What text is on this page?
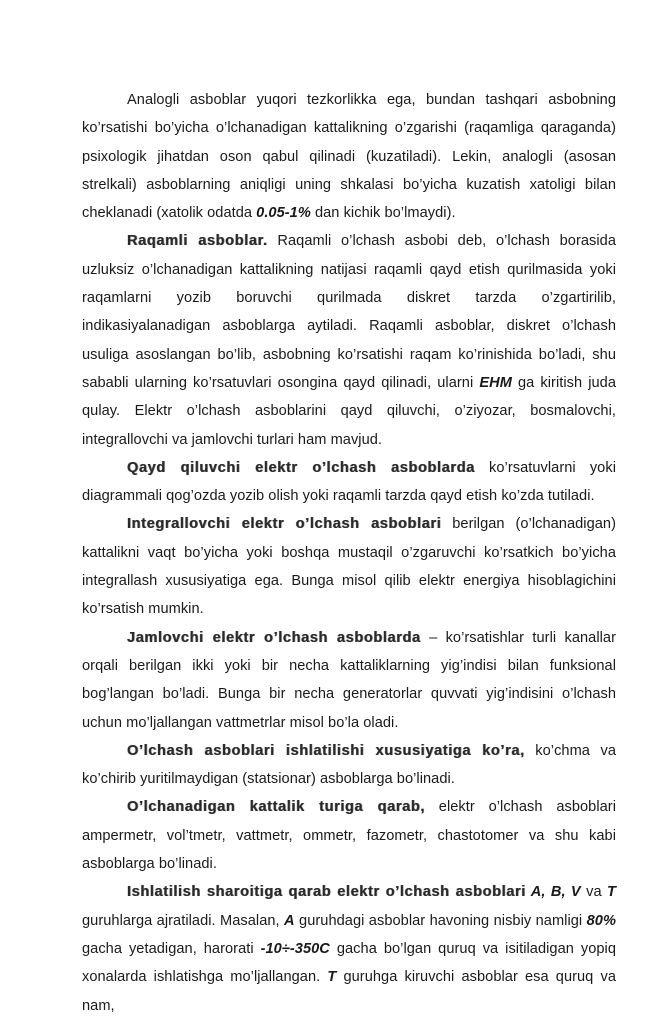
Analogli asboblar yuqori tezkorlikka ega, bundan tashqari asbobning ko’rsatishi bo’yicha o’lchanadigan kattalikning o’zgarishi (raqamliga qaraganda) psixologik jihatdan oson qabul qilinadi (kuzatiladi). Lekin, analogli (asosan strelkali) asboblarning aniqligi uning shkalasi bo’yicha kuzatish xatoligi bilan cheklanadi (xatolik odatda 0.05-1% dan kichik bo’lmaydi).

Raqamli asboblar. Raqamli o’lchash asbobi deb, o’lchash borasida uzluksiz o’lchanadigan kattalikning natijasi raqamli qayd etish qurilmasida yoki raqamlarni yozib boruvchi qurilmada diskret tarzda o’zgartirilib, indikasiyalanadigan asboblarga aytiladi. Raqamli asboblar, diskret o’lchash usuliga asoslangan bo’lib, asbobning ko’rsatishi raqam ko’rinishida bo’ladi, shu sababli ularning ko’rsatuvlari osongina qayd qilinadi, ularni EHM ga kiritish juda qulay. Elektr o’lchash asboblarini qayd qiluvchi, o’ziyozar, bosmalovchi, integrallovchi va jamlovchi turlari ham mavjud.

Qayd qiluvchi elektr o’lchash asboblarda ko’rsatuvlarni yoki diagrammali qog’ozda yozib olish yoki raqamli tarzda qayd etish ko’zda tutiladi.

Integrallovchi elektr o’lchash asboblari berilgan (o’lchanadigan) kattalikni vaqt bo’yicha yoki boshqa mustaqil o’zgaruvchi ko’rsatkich bo’yicha integrallash xususiyatiga ega. Bunga misol qilib elektr energiya hisoblagichini ko’rsatish mumkin.

Jamlovchi elektr o’lchash asboblarda – ko’rsatishlar turli kanallar orqali berilgan ikki yoki bir necha kattaliklarning yig’indisi bilan funksional bog’langan bo’ladi. Bunga bir necha generatorlar quvvati yig’indisini o’lchash uchun mo’ljallangan vattmetrlar misol bo’la oladi.

O’lchash asboblari ishlatilishi xususiyatiga ko’ra, ko’chma va ko’chirib yuritilmaydigan (statsionar) asboblarga bo’linadi.

O’lchanadigan kattalik turiga qarab, elektr o’lchash asboblari ampermetr, vol’tmetr, vattmetr, ommetr, fazometr, chastotomer va shu kabi asboblarga bo’linadi.

Ishlatilish sharoitiga qarab elektr o’lchash asboblari A, B, V va T guruhlarga ajratiladi. Masalan, A guruhdagi asboblar havoning nisbiy namligi 80% gacha yetadigan, harorati -10÷-350C gacha bo’lgan quruq va isitiladigan yopiq xonalarda ishlatishga mo’ljallangan. T guruhga kiruvchi asboblar esa quruq va nam,
